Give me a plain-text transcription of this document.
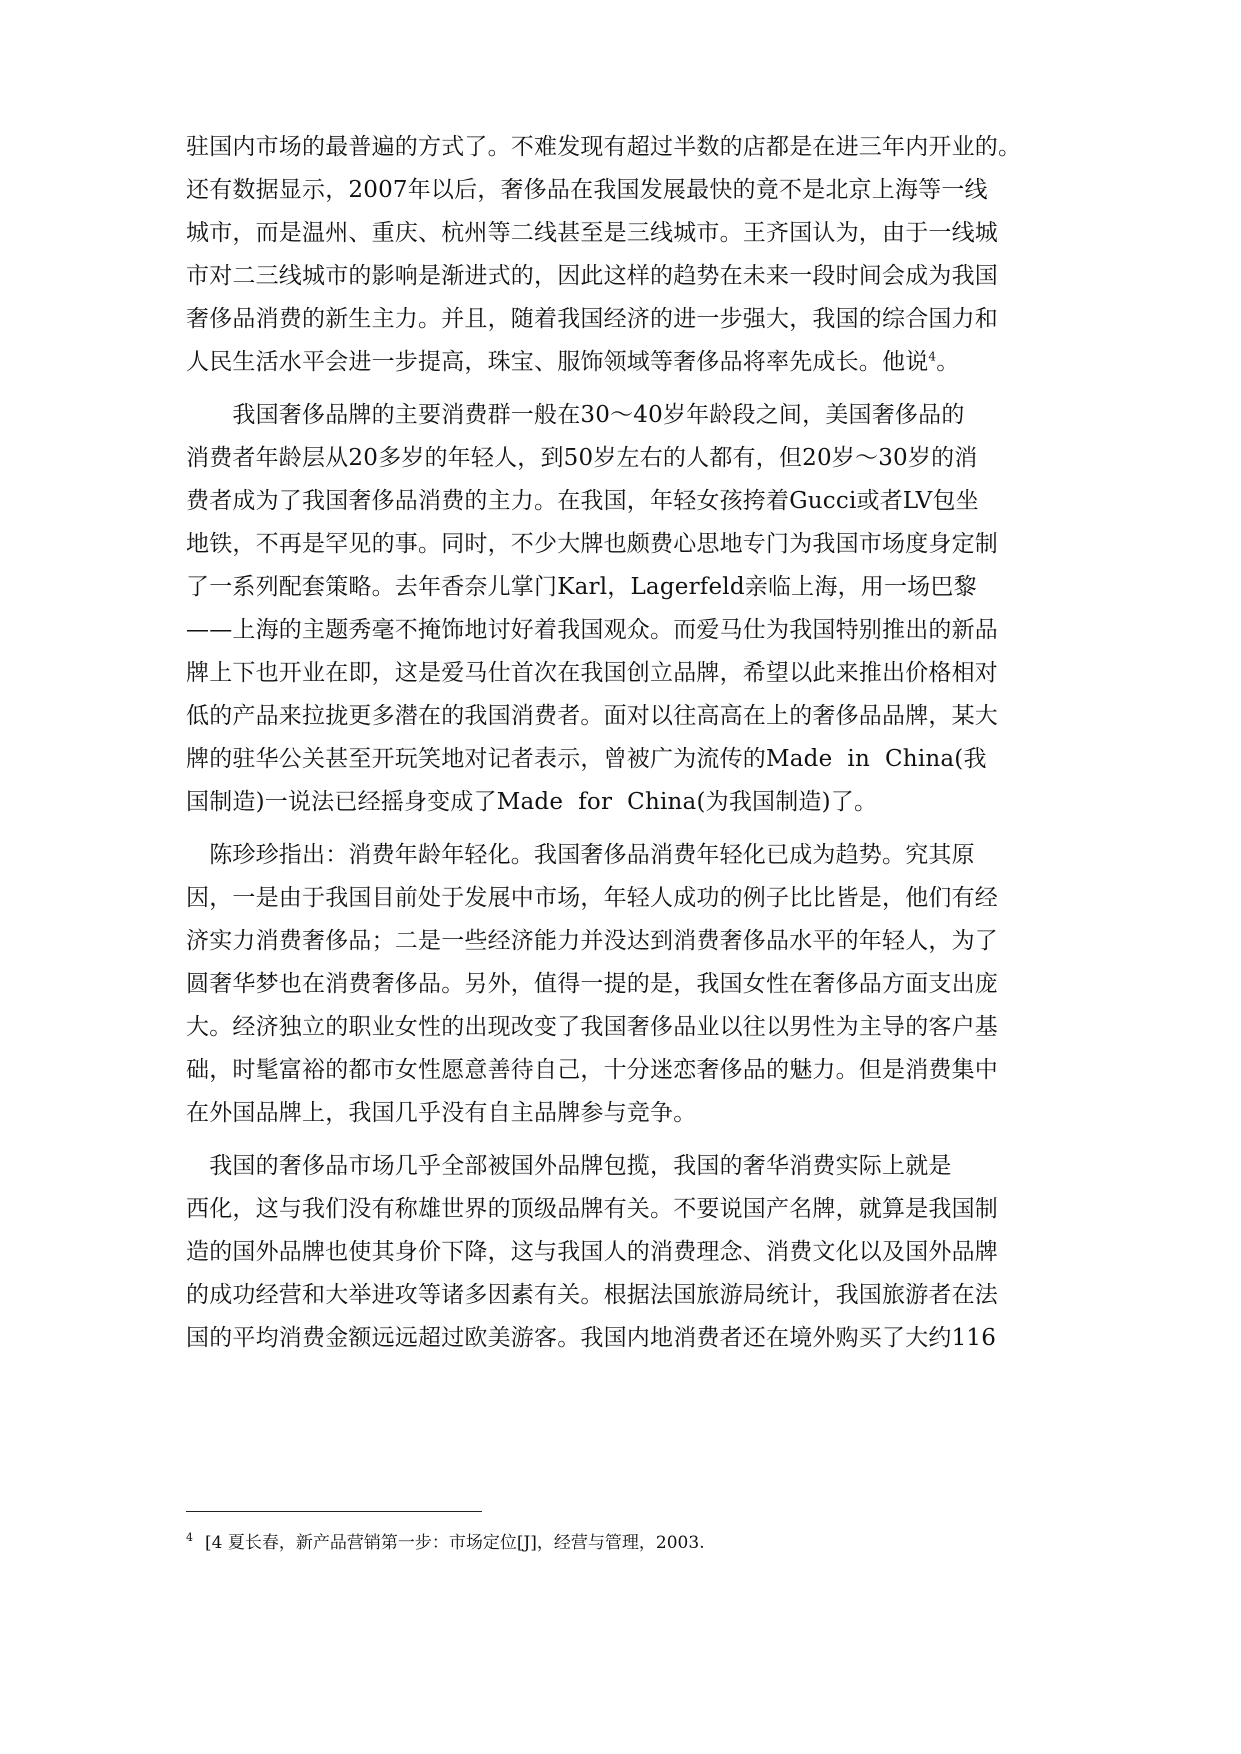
驻国内市场的最普遍的方式了。不难发现有超过半数的店都是在进三年内开业的。
还有数据显示，2007年以后，奢侈品在我国发展最快的竟不是北京上海等一线
城市，而是温州、重庆、杭州等二线甚至是三线城市。王齐国认为，由于一线城
市对二三线城市的影响是渐进式的，因此这样的趋势在未来一段时间会成为我国
奢侈品消费的新生主力。并且，随着我国经济的进一步强大，我国的综合国力和
人民生活水平会进一步提高，珠宝、服饰领域等奢侈品将率先成长。他说$^4$。
　　我国奢侈品牌的主要消费群一般在30～40岁年龄段之间，美国奢侈品的
消费者年龄层从20多岁的年轻人，到50岁左右的人都有，但20岁～30岁的消
费者成为了我国奢侈品消费的主力。在我国，年轻女孩挎着Gucci或者LV包坐
地铁，不再是罕见的事。同时，不少大牌也颇费心思地专门为我国市场度身定制
了一系列配套策略。去年香奈儿掌门Karl，Lagerfeld亲临上海，用一场巴黎
——上海的主题秀毫不掩饰地讨好着我国观众。而爱马仕为我国特别推出的新品
牌上下也开业在即，这是爱马仕首次在我国创立品牌，希望以此来推出价格相对
低的产品来拉拢更多潜在的我国消费者。面对以往高高在上的奢侈品品牌，某大
牌的驻华公关甚至开玩笑地对记者表示，曾被广为流传的Made  in  China(我
国制造)一说法已经摇身变成了Made  for  China(为我国制造)了。
　陈珍珍指出：消费年龄年轻化。我国奢侈品消费年轻化已成为趋势。究其原
因，一是由于我国目前处于发展中市场，年轻人成功的例子比比皆是，他们有经
济实力消费奢侈品；二是一些经济能力并没达到消费奢侈品水平的年轻人，为了
圆奢华梦也在消费奢侈品。另外，值得一提的是，我国女性在奢侈品方面支出庞
大。经济独立的职业女性的出现改变了我国奢侈品业以往以男性为主导的客户基
础，时髦富裕的都市女性愿意善待自己，十分迷恋奢侈品的魅力。但是消费集中
在外国品牌上，我国几乎没有自主品牌参与竞争。
　我国的奢侈品市场几乎全部被国外品牌包揽，我国的奢华消费实际上就是
西化，这与我们没有称雄世界的顶级品牌有关。不要说国产名牌，就算是我国制
造的国外品牌也使其身价下降，这与我国人的消费理念、消费文化以及国外品牌
的成功经营和大举进攻等诸多因素有关。根据法国旅游局统计，我国旅游者在法
国的平均消费金额远远超过欧美游客。我国内地消费者还在境外购买了大约116
4 [4 夏长春，新产品营销第一步：市场定位[J]，经营与管理，2003.
